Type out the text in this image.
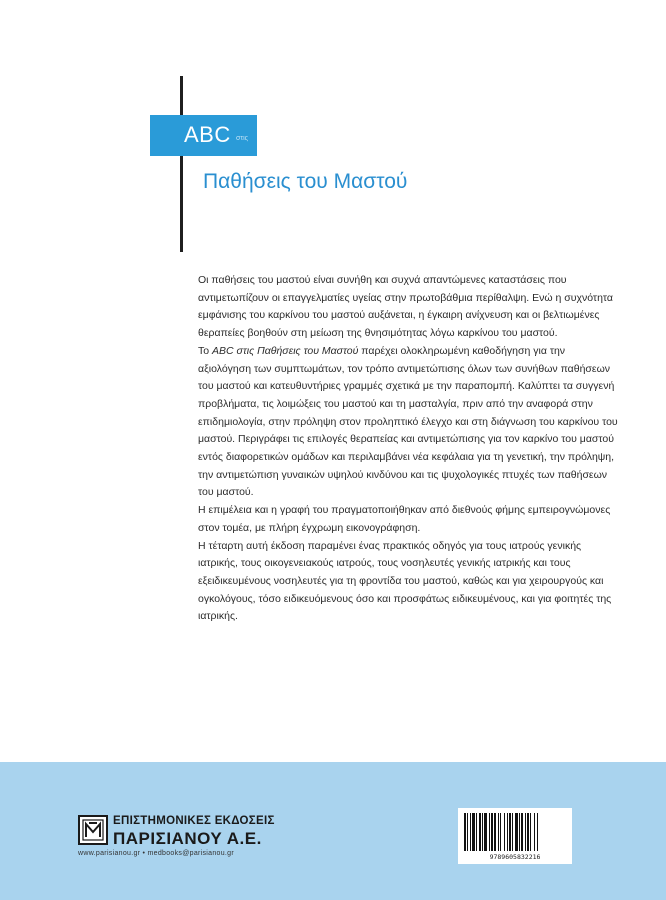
ABC στις
Παθήσεις του Μαστού

Οι παθήσεις του μαστού είναι συνήθη και συχνά απαντώμενες καταστάσεις που αντιμετωπίζουν οι επαγγελματίες υγείας στην πρωτοβάθμια περίθαλψη. Ενώ η συχνότητα εμφάνισης του καρκίνου του μαστού αυξάνεται, η έγκαιρη ανίχνευση και οι βελτιωμένες θεραπείες βοηθούν στη μείωση της θνησιμότητας λόγω καρκίνου του μαστού.

Το ABC στις Παθήσεις του Μαστού παρέχει ολοκληρωμένη καθοδήγηση για την αξιολόγηση των συμπτωμάτων, τον τρόπο αντιμετώπισης όλων των συνήθων παθήσεων του μαστού και κατευθυντήριες γραμμές σχετικά με την παραπομπή. Καλύπτει τα συγγενή προβλήματα, τις λοιμώξεις του μαστού και τη μασταλγία, πριν από την αναφορά στην επιδημιολογία, στην πρόληψη στον προληπτικό έλεγχο και στη διάγνωση του καρκίνου του μαστού. Περιγράφει τις επιλογές θεραπείας και αντιμετώπισης για τον καρκίνο του μαστού εντός διαφορετικών ομάδων και περιλαμβάνει νέα κεφάλαια για τη γενετική, την πρόληψη, την αντιμετώπιση γυναικών υψηλού κινδύνου και τις ψυχολογικές πτυχές των παθήσεων του μαστού.

Η επιμέλεια και η γραφή του πραγματοποιήθηκαν από διεθνούς φήμης εμπειρογνώμονες στον τομέα, με πλήρη έγχρωμη εικονογράφηση.

Η τέταρτη αυτή έκδοση παραμένει ένας πρακτικός οδηγός για τους ιατρούς γενικής ιατρικής, τους οικογενειακούς ιατρούς, τους νοσηλευτές γενικής ιατρικής και τους εξειδικευμένους νοσηλευτές για τη φροντίδα του μαστού, καθώς και για χειρουργούς και ογκολόγους, τόσο ειδικευόμενους όσο και προσφάτως ειδικευμένους, και για φοιτητές της ιατρικής.

ΕΠΙΣΤΗΜΟΝΙΚΕΣ ΕΚΔΟΣΕΙΣ
ΠΑΡΙΣΙΑΝΟΥ Α.Ε.
www.parisianou.gr • medbooks@parisianou.gr	9789605832216
